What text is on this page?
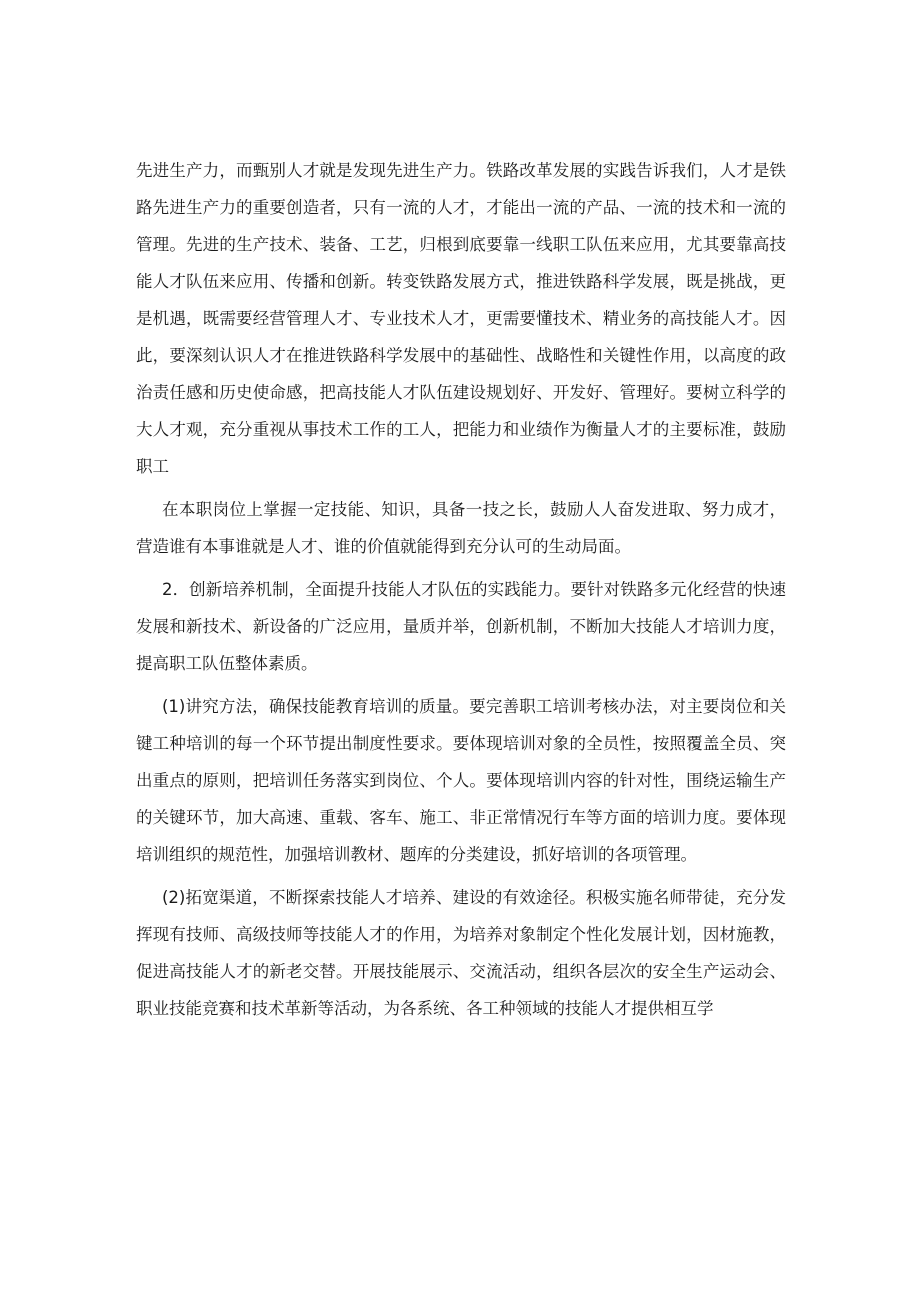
先进生产力，而甄别人才就是发现先进生产力。铁路改革发展的实践告诉我们，人才是铁路先进生产力的重要创造者，只有一流的人才，才能出一流的产品、一流的技术和一流的管理。先进的生产技术、装备、工艺，归根到底要靠一线职工队伍来应用，尤其要靠高技能人才队伍来应用、传播和创新。转变铁路发展方式，推进铁路科学发展，既是挑战，更是机遇，既需要经营管理人才、专业技术人才，更需要懂技术、精业务的高技能人才。因此，要深刻认识人才在推进铁路科学发展中的基础性、战略性和关键性作用，以高度的政治责任感和历史使命感，把高技能人才队伍建设规划好、开发好、管理好。要树立科学的大人才观，充分重视从事技术工作的工人，把能力和业绩作为衡量人才的主要标准，鼓励职工

在本职岗位上掌握一定技能、知识，具备一技之长，鼓励人人奋发进取、努力成才，营造谁有本事谁就是人才、谁的价值就能得到充分认可的生动局面。

2．创新培养机制，全面提升技能人才队伍的实践能力。要针对铁路多元化经营的快速发展和新技术、新设备的广泛应用，量质并举，创新机制，不断加大技能人才培训力度，提高职工队伍整体素质。

(1)讲究方法，确保技能教育培训的质量。要完善职工培训考核办法，对主要岗位和关键工种培训的每一个环节提出制度性要求。要体现培训对象的全员性，按照覆盖全员、突出重点的原则，把培训任务落实到岗位、个人。要体现培训内容的针对性，围绕运输生产的关键环节，加大高速、重载、客车、施工、非正常情况行车等方面的培训力度。要体现培训组织的规范性，加强培训教材、题库的分类建设，抓好培训的各项管理。

(2)拓宽渠道，不断探索技能人才培养、建设的有效途径。积极实施名师带徒，充分发挥现有技师、高级技师等技能人才的作用，为培养对象制定个性化发展计划，因材施教，促进高技能人才的新老交替。开展技能展示、交流活动，组织各层次的安全生产运动会、职业技能竞赛和技术革新等活动，为各系统、各工种领域的技能人才提供相互学
